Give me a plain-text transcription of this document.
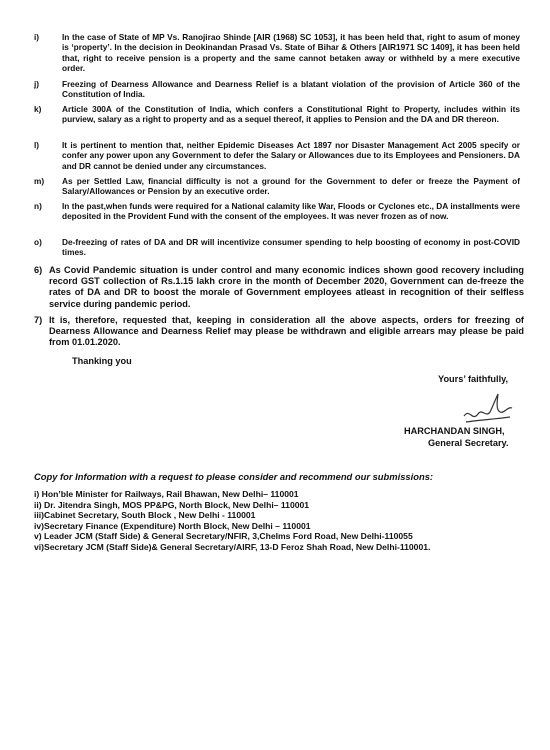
i)	In the case of State of MP Vs. Ranojirao Shinde [AIR (1968) SC 1053], it has been held that, right to asum of money is ‘property’. In the decision in Deokinandan Prasad Vs. State of Bihar & Others [AIR1971 SC 1409], it has been held that, right to receive pension is a property and the same cannot betaken away or withheld by a mere executive order.
j)	Freezing of Dearness Allowance and Dearness Relief is a blatant violation of the provision of Article 360 of the Constitution of India.
k) Article 300A of the Constitution of India, which confers a Constitutional Right to Property, includes within its purview, salary as a right to property and as a sequel thereof, it applies to Pension and the DA and DR thereon.
l)	It is pertinent to mention that, neither Epidemic Diseases Act 1897 nor Disaster Management Act 2005 specify or confer any power upon any Government to defer the Salary or Allowances due to its Employees and Pensioners. DA and DR cannot be denied under any circumstances.
m) As per Settled Law, financial difficulty is not a ground for the Government to defer or freeze the Payment of Salary/Allowances or Pension by an executive order.
n) In the past,when funds were required for a National calamity like War, Floods or Cyclones etc., DA installments were deposited in the Provident Fund with the consent of the employees. It was never frozen as of now.
o) De-freezing of rates of DA and DR will incentivize consumer spending to help boosting of economy in post-COVID times.
6) As Covid Pandemic situation is under control and many economic indices shown good recovery including record GST collection of Rs.1.15 lakh crore in the month of December 2020, Government can de-freeze the rates of DA and DR to boost the morale of Government employees atleast in recognition of their selfless service during pandemic period.
7) It is, therefore, requested that, keeping in consideration all the above aspects, orders for freezing of Dearness Allowance and Dearness Relief may please be withdrawn and eligible arrears may please be paid from 01.01.2020.
Thanking you
Yours’ faithfully,
HARCHANDAN SINGH,
General Secretary.
Copy for Information with a request to please consider and recommend our submissions:
i) Hon’ble Minister for Railways, Rail Bhawan, New Delhi– 110001
ii) Dr. Jitendra Singh, MOS PP&PG, North Block, New Delhi– 110001
iii)Cabinet Secretary, South Block , New Delhi - 110001
iv)Secretary Finance (Expenditure) North Block, New Delhi – 110001
v) Leader JCM (Staff Side) & General Secretary/NFIR, 3,Chelms Ford Road, New Delhi-110055
vi)Secretary JCM (Staff Side)& General Secretary/AIRF, 13-D Feroz Shah Road, New Delhi-110001.
